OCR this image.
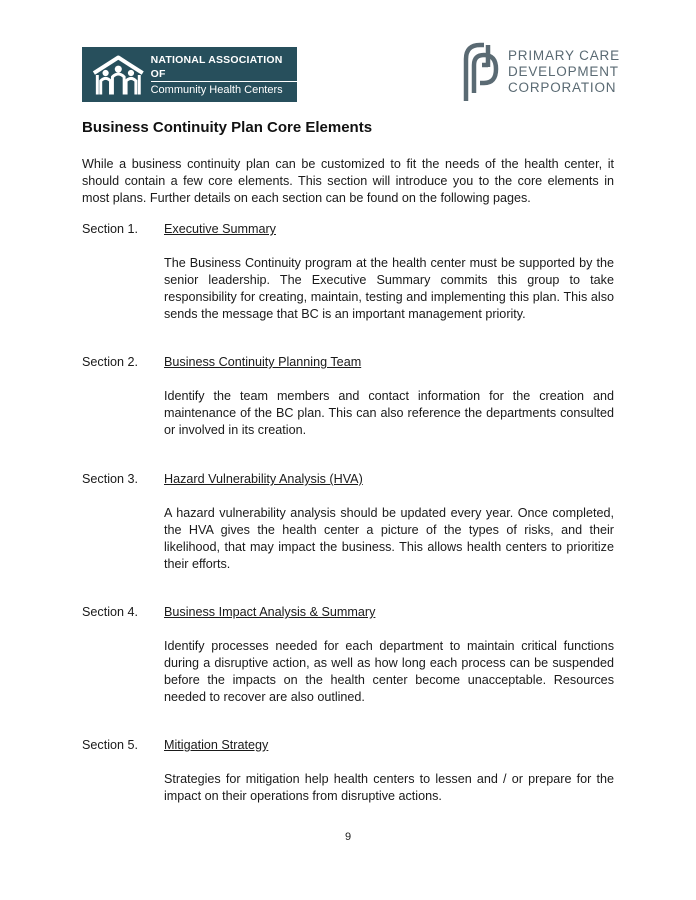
NATIONAL ASSOCIATION OF
Community Health Centers
PRIMARY CARE
DEVELOPMENT
CORPORATION
Business Continuity Plan Core Elements
While a business continuity plan can be customized to fit the needs of the health center, it should contain a few core elements. This section will introduce you to the core elements in most plans. Further details on each section can be found on the following pages.
Section 1. Executive Summary
The Business Continuity program at the health center must be supported by the senior leadership. The Executive Summary commits this group to take responsibility for creating, maintain, testing and implementing this plan. This also sends the message that BC is an important management priority.
Section 2. Business Continuity Planning Team
Identify the team members and contact information for the creation and maintenance of the BC plan. This can also reference the departments consulted or involved in its creation.
Section 3. Hazard Vulnerability Analysis (HVA)
A hazard vulnerability analysis should be updated every year. Once completed, the HVA gives the health center a picture of the types of risks, and their likelihood, that may impact the business. This allows health centers to prioritize their efforts.
Section 4. Business Impact Analysis & Summary
Identify processes needed for each department to maintain critical functions during a disruptive action, as well as how long each process can be suspended before the impacts on the health center become unacceptable. Resources needed to recover are also outlined.
Section 5. Mitigation Strategy
Strategies for mitigation help health centers to lessen and / or prepare for the impact on their operations from disruptive actions.
9
